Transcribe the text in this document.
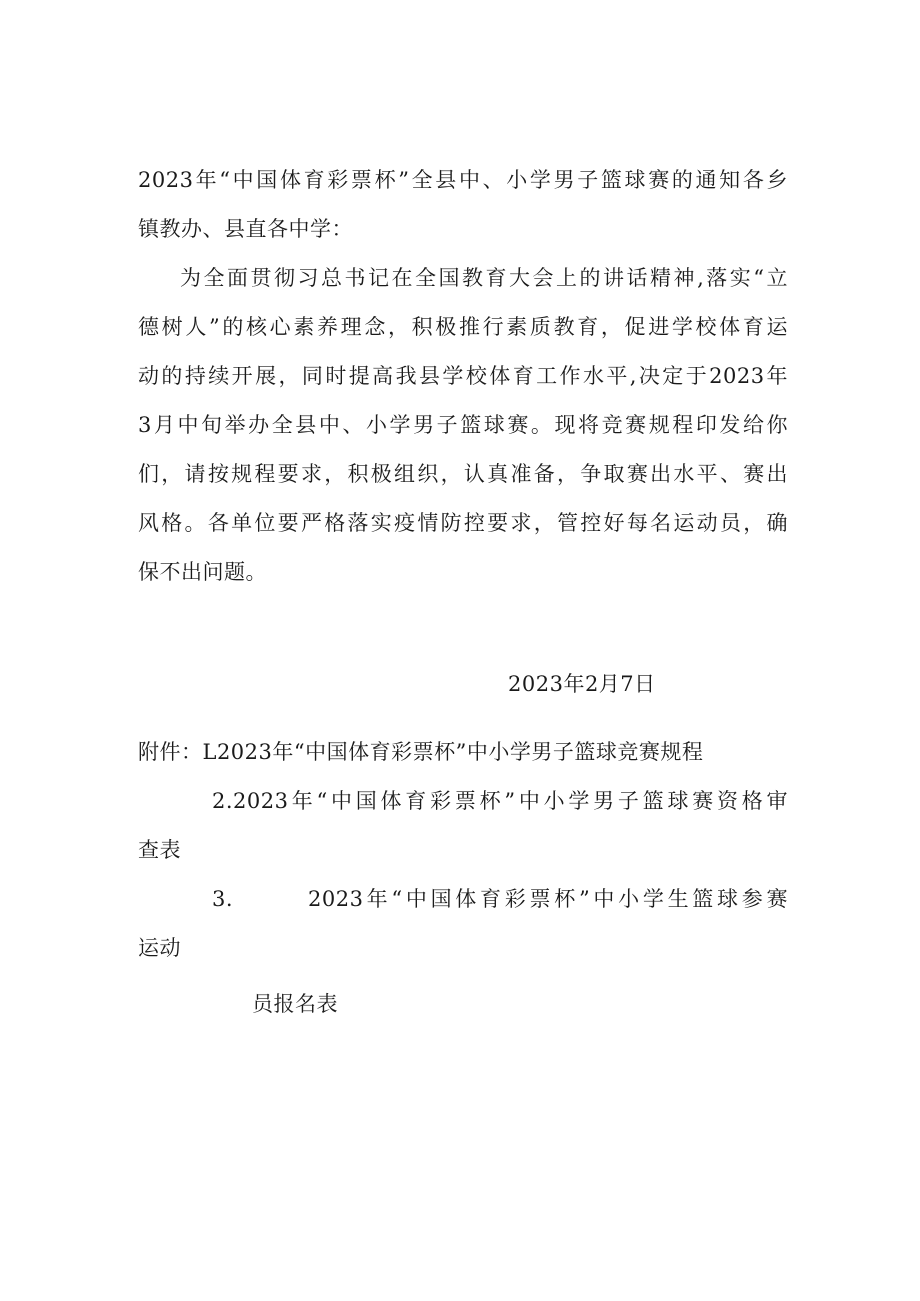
2023年“中国体育彩票杯”全县中、小学男子篮球赛的通知各乡
镇教办、县直各中学：
为全面贯彻习总书记在全国教育大会上的讲话精神,落实“立
德树人”的核心素养理念，积极推行素质教育，促进学校体育运
动的持续开展，同时提高我县学校体育工作水平,决定于2023年
3月中旬举办全县中、小学男子篮球赛。现将竞赛规程印发给你
们，请按规程要求，积极组织，认真准备，争取赛出水平、赛出
风格。各单位要严格落实疫情防控要求，管控好每名运动员，确
保不出问题。
2023年2月7日
附件：L2023年“中国体育彩票杯”中小学男子篮球竞赛规程
2.2023年“中国体育彩票杯”中小学男子篮球赛资格审
查表
3.	2023年“中国体育彩票杯”中小学生篮球参赛
运动
员报名表
